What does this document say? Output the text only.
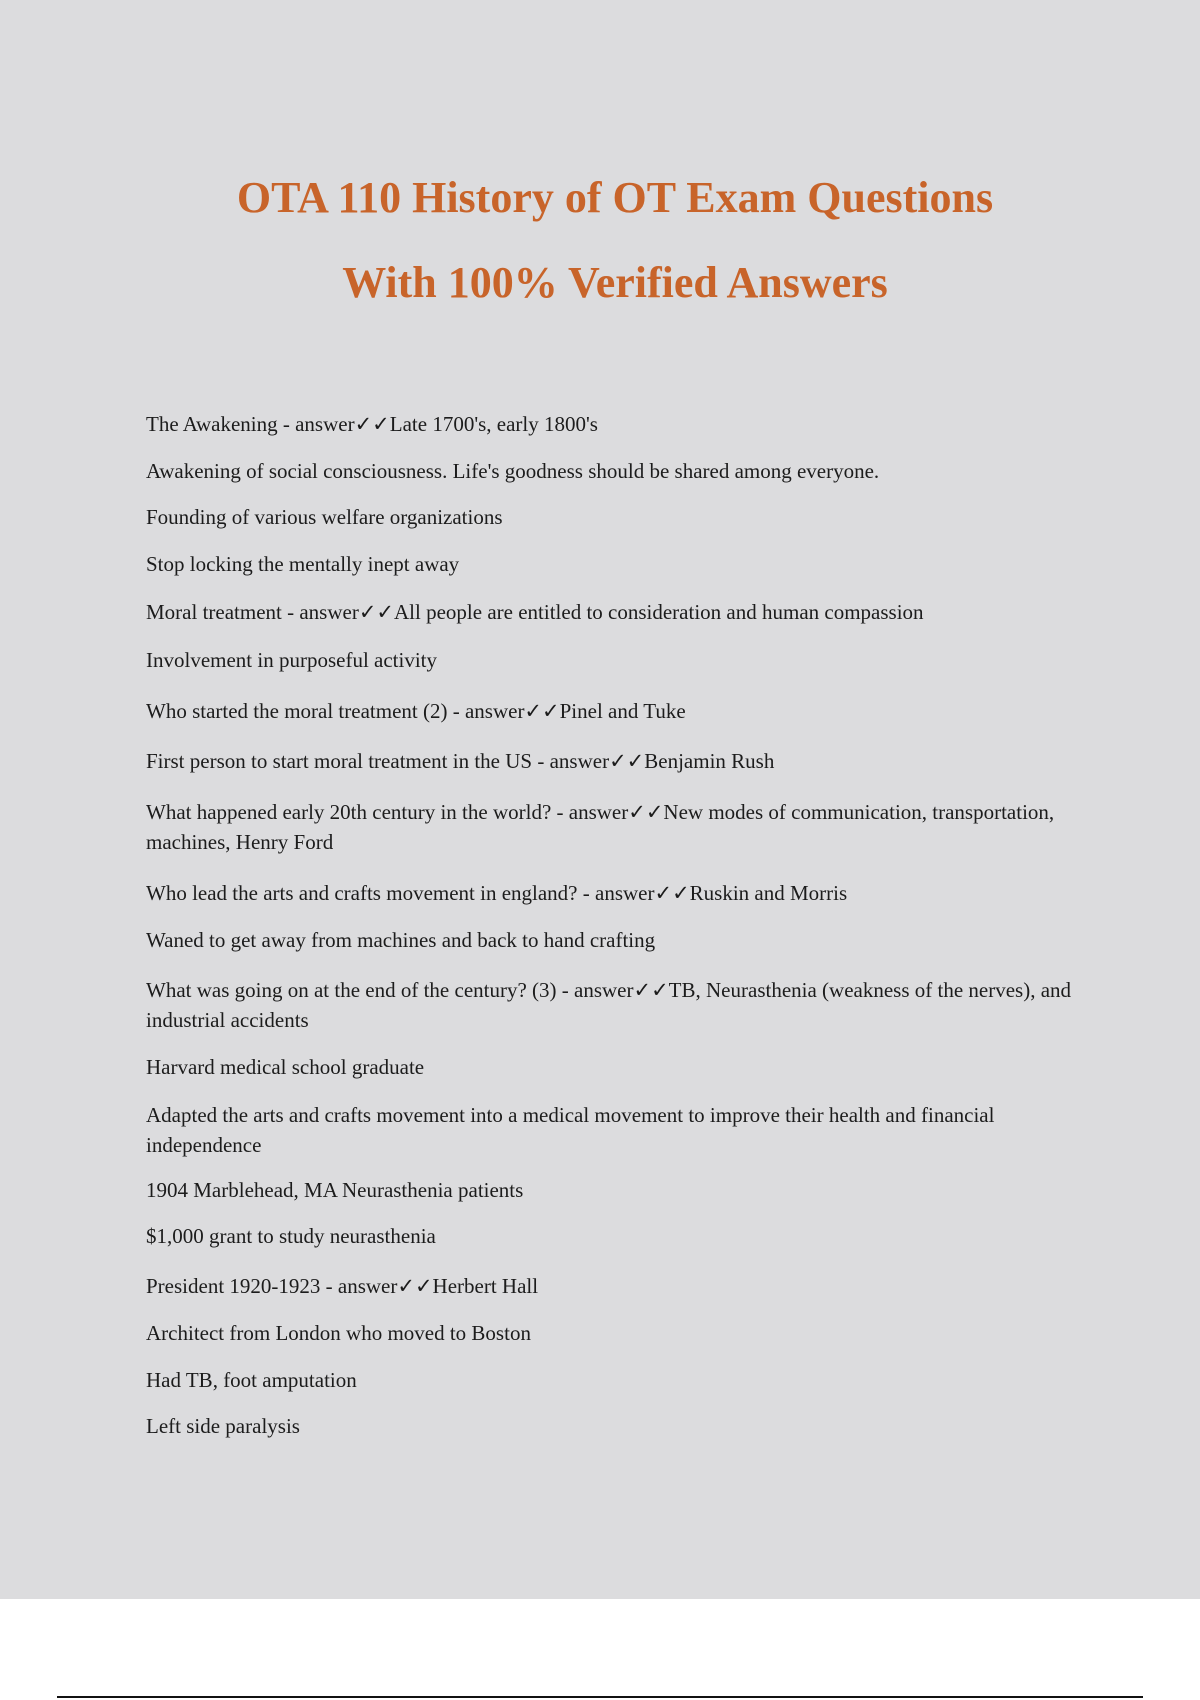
OTA 110 History of OT Exam Questions
With 100% Verified Answers
The Awakening - answer✓✓Late 1700's, early 1800's
Awakening of social consciousness. Life's goodness should be shared among everyone.
Founding of various welfare organizations
Stop locking the mentally inept away
Moral treatment - answer✓✓All people are entitled to consideration and human compassion
Involvement in purposeful activity
Who started the moral treatment (2) - answer✓✓Pinel and Tuke
First person to start moral treatment in the US - answer✓✓Benjamin Rush
What happened early 20th century in the world? - answer✓✓New modes of communication, transportation, machines, Henry Ford
Who lead the arts and crafts movement in england? - answer✓✓Ruskin and Morris
Waned to get away from machines and back to hand crafting
What was going on at the end of the century? (3) - answer✓✓TB, Neurasthenia (weakness of the nerves), and industrial accidents
Harvard medical school graduate
Adapted the arts and crafts movement into a medical movement to improve their health and financial independence
1904 Marblehead, MA Neurasthenia patients
$1,000 grant to study neurasthenia
President 1920-1923 - answer✓✓Herbert Hall
Architect from London who moved to Boston
Had TB, foot amputation
Left side paralysis
